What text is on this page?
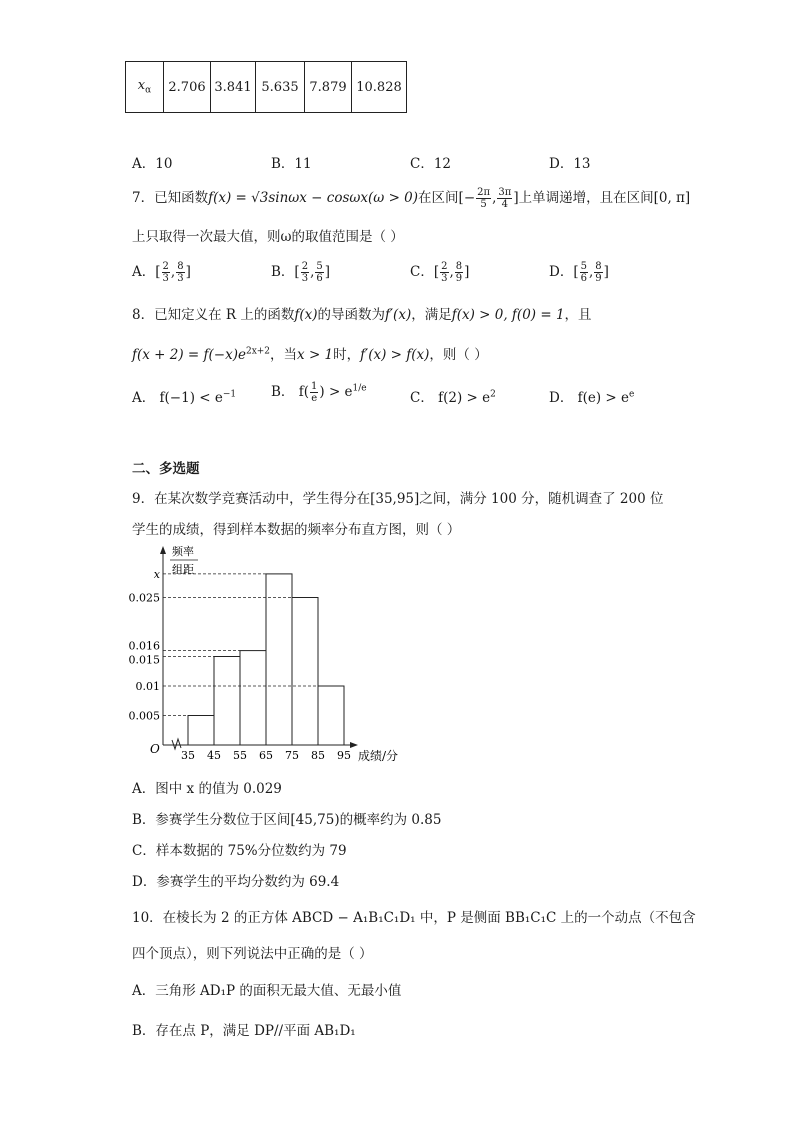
$x_\alpha$	2.706	3.841	5.635	7.879	10.828
A．10	B．11	C．12	D．13
7．已知函数f(x) = √3sinωx − cosωx(ω > 0)在区间[− $\frac{2\pi}{5}$ , $\frac{3\pi}{4}$ ]上单调递增，且在区间[0, π]
上只取得一次最大值，则ω的取值范围是（ ）
A．[ $\frac{2}{3}$ , $\frac{8}{3}$ ]	B．[ $\frac{2}{3}$ , $\frac{5}{6}$ ]	C．[ $\frac{2}{3}$ , $\frac{8}{9}$ ]	D．[ $\frac{5}{6}$ , $\frac{8}{9}$ ]
8．已知定义在 R 上的函数f(x)的导函数为f′(x)，满足f(x) > 0, f(0) = 1，且
$f(x + 2) = f(-x)e^{2x+2}$，当x > 1时，f′(x) > f(x)，则（ ）
A． $f(-1) < e^{-1}$	B． $f( \frac{1}{e}$ ) > $e^{1/e}$
C． $f(2) > e^2$	D． $f(e) > e^e$
二、多选题
9．在某次数学竞赛活动中，学生得分在[35,95]之间，满分 100 分，随机调查了 200 位
学生的成绩，得到样本数据的频率分布直方图，则（ ）
O
频率
组距
0.005
0.01
0.015
0.016
0.025
x
35 45 55 65 75 85 95 成绩/分
A．图中 x 的值为 0.029
B．参赛学生分数位于区间[45,75)的概率约为 0.85
C．样本数据的 75%分位数约为 79
D．参赛学生的平均分数约为 69.4
10．在棱长为 2 的正方体 ABCD − A₁B₁C₁D₁ 中，P 是侧面 BB₁C₁C 上的一个动点（不包含
四个顶点），则下列说法中正确的是（ ）
A．三角形 AD₁P 的面积无最大值、无最小值
B．存在点 P，满足 DP//平面 AB₁D₁
